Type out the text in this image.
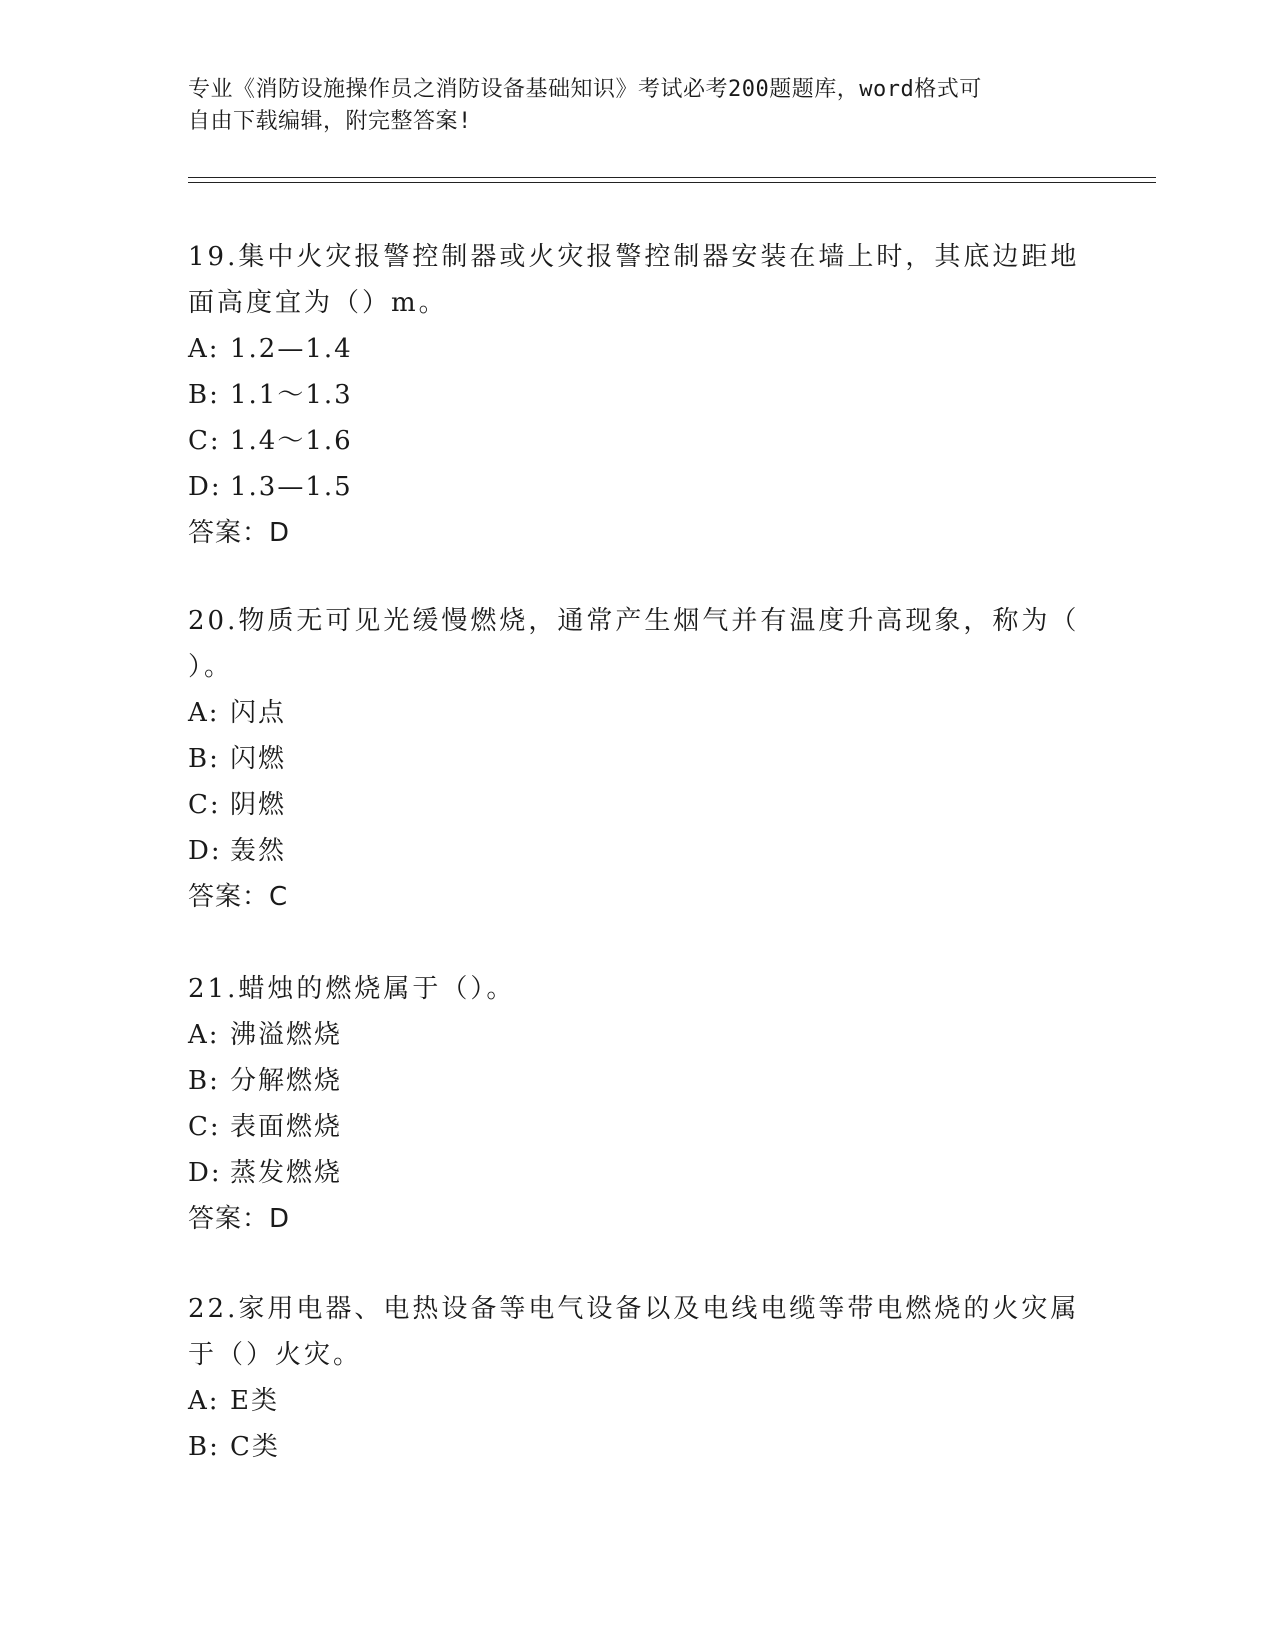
专业《消防设施操作员之消防设备基础知识》考试必考200题题库，word格式可
自由下载编辑，附完整答案!
19.集中火灾报警控制器或火灾报警控制器安装在墙上时，其底边距地
面高度宜为（）m。
A: 1.2—1.4
B: 1.1～1.3
C: 1.4～1.6
D: 1.3—1.5
答案：D
20.物质无可见光缓慢燃烧，通常产生烟气并有温度升高现象，称为（
）。
A: 闪点
B: 闪燃
C: 阴燃
D: 轰然
答案：C
21.蜡烛的燃烧属于（）。
A: 沸溢燃烧
B: 分解燃烧
C: 表面燃烧
D: 蒸发燃烧
答案：D
22.家用电器、电热设备等电气设备以及电线电缆等带电燃烧的火灾属
于（）火灾。
A: E类
B: C类
